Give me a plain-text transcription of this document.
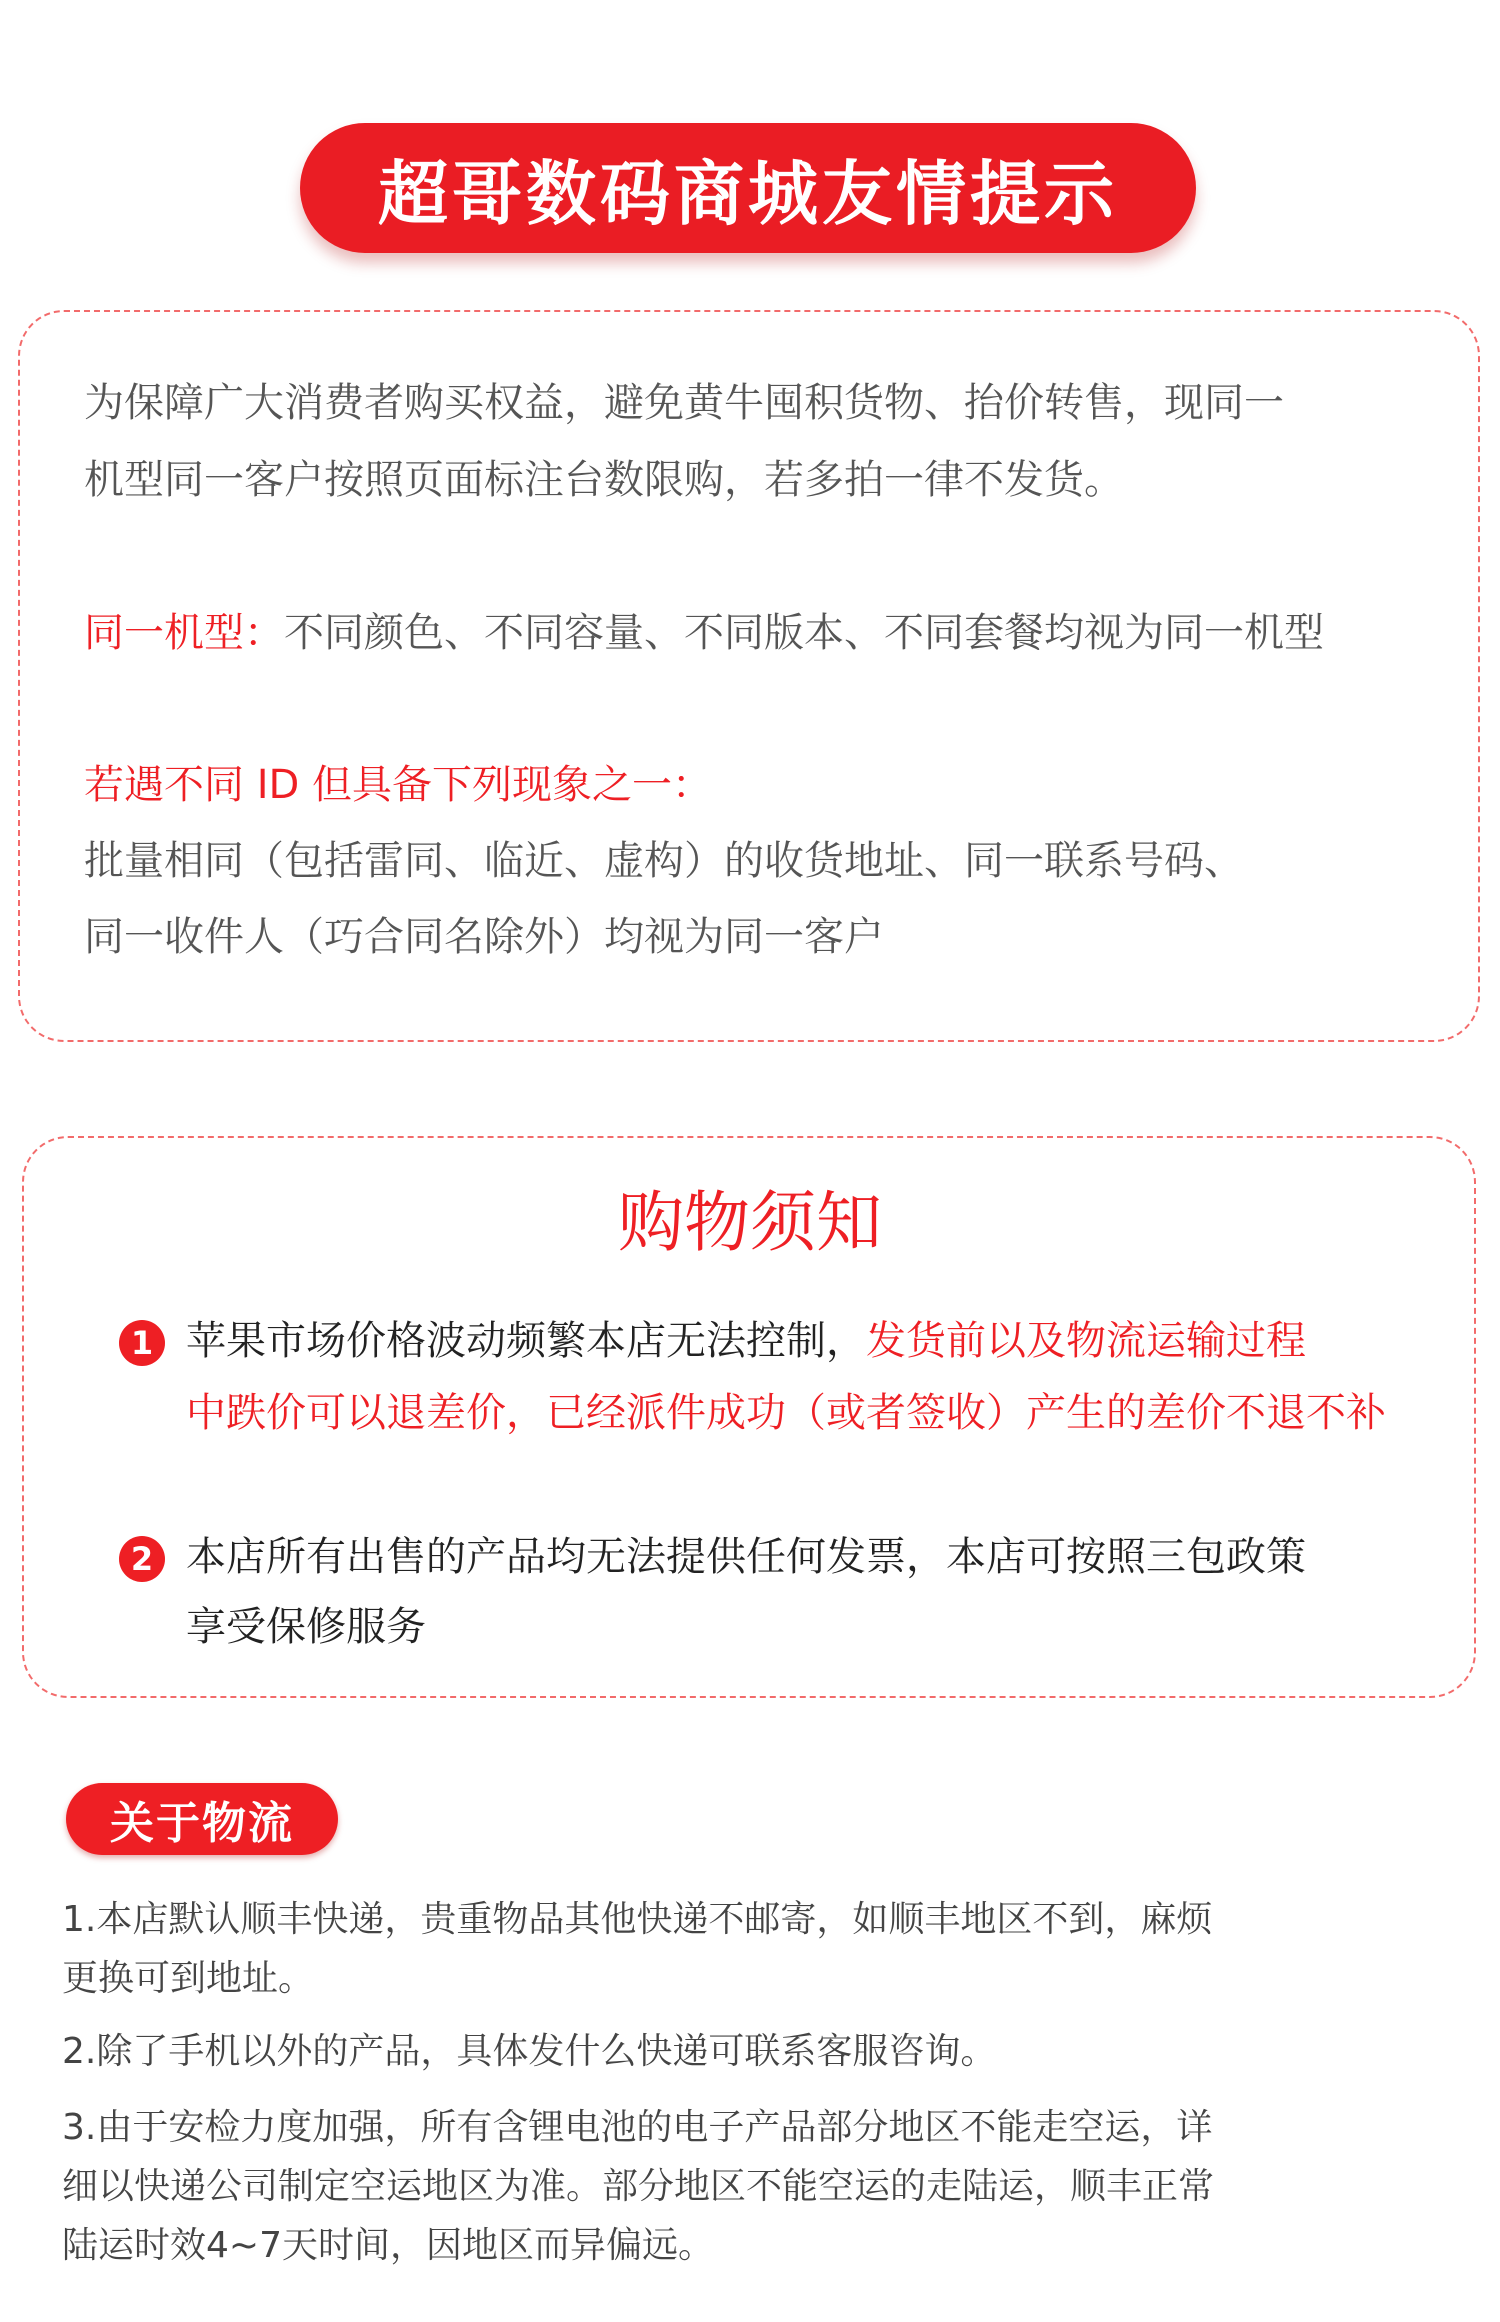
超哥数码商城友情提示
为保障广大消费者购买权益，避免黄牛囤积货物、抬价转售，现同一
机型同一客户按照页面标注台数限购，若多拍一律不发货。
同一机型：不同颜色、不同容量、不同版本、不同套餐均视为同一机型
若遇不同 ID 但具备下列现象之一：
批量相同（包括雷同、临近、虚构）的收货地址、同一联系号码、
同一收件人（巧合同名除外）均视为同一客户
购物须知
1 苹果市场价格波动频繁本店无法控制，发货前以及物流运输过程
中跌价可以退差价，已经派件成功（或者签收）产生的差价不退不补
2 本店所有出售的产品均无法提供任何发票，本店可按照三包政策
享受保修服务
关于物流
1.本店默认顺丰快递，贵重物品其他快递不邮寄，如顺丰地区不到，麻烦
更换可到地址。
2.除了手机以外的产品，具体发什么快递可联系客服咨询。
3.由于安检力度加强，所有含锂电池的电子产品部分地区不能走空运，详
细以快递公司制定空运地区为准。部分地区不能空运的走陆运，顺丰正常
陆运时效4~7天时间，因地区而异偏远。
